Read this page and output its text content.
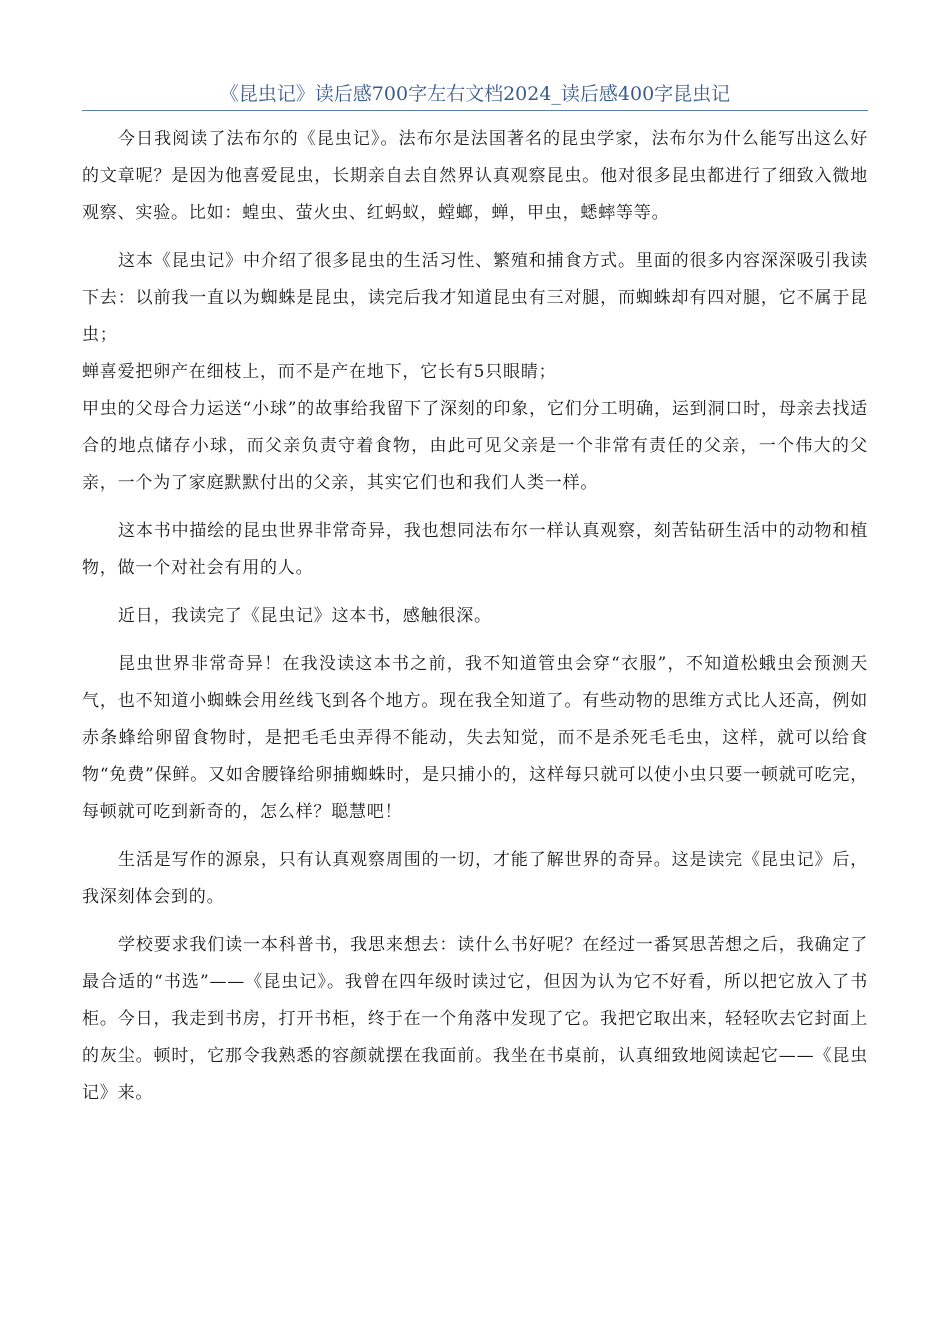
《昆虫记》读后感700字左右文档2024_读后感400字昆虫记

今日我阅读了法布尔的《昆虫记》。法布尔是法国著名的昆虫学家，法布尔为什么能写出这么好的文章呢？是因为他喜爱昆虫，长期亲自去自然界认真观察昆虫。他对很多昆虫都进行了细致入微地观察、实验。比如：蝗虫、萤火虫、红蚂蚁，螳螂，蝉，甲虫，蟋蟀等等。

这本《昆虫记》中介绍了很多昆虫的生活习性、繁殖和捕食方式。里面的很多内容深深吸引我读下去：以前我一直以为蜘蛛是昆虫，读完后我才知道昆虫有三对腿，而蜘蛛却有四对腿，它不属于昆虫；

蝉喜爱把卵产在细枝上，而不是产在地下，它长有5只眼睛；

甲虫的父母合力运送“小球”的故事给我留下了深刻的印象，它们分工明确，运到洞口时，母亲去找适合的地点储存小球，而父亲负责守着食物，由此可见父亲是一个非常有责任的父亲，一个伟大的父亲，一个为了家庭默默付出的父亲，其实它们也和我们人类一样。

这本书中描绘的昆虫世界非常奇异，我也想同法布尔一样认真观察，刻苦钻研生活中的动物和植物，做一个对社会有用的人。

近日，我读完了《昆虫记》这本书，感触很深。

昆虫世界非常奇异！在我没读这本书之前，我不知道管虫会穿“衣服”，不知道松蛾虫会预测天气，也不知道小蜘蛛会用丝线飞到各个地方。现在我全知道了。有些动物的思维方式比人还高，例如赤条蜂给卵留食物时，是把毛毛虫弄得不能动，失去知觉，而不是杀死毛毛虫，这样，就可以给食物“免费”保鲜。又如舍腰锋给卵捕蜘蛛时，是只捕小的，这样每只就可以使小虫只要一顿就可吃完，每顿就可吃到新奇的，怎么样？聪慧吧！

生活是写作的源泉，只有认真观察周围的一切，才能了解世界的奇异。这是读完《昆虫记》后，我深刻体会到的。

学校要求我们读一本科普书，我思来想去：读什么书好呢？在经过一番冥思苦想之后，我确定了最合适的“书选”——《昆虫记》。我曾在四年级时读过它，但因为认为它不好看，所以把它放入了书柜。今日，我走到书房，打开书柜，终于在一个角落中发现了它。我把它取出来，轻轻吹去它封面上的灰尘。顿时，它那令我熟悉的容颜就摆在我面前。我坐在书桌前，认真细致地阅读起它——《昆虫记》来。
